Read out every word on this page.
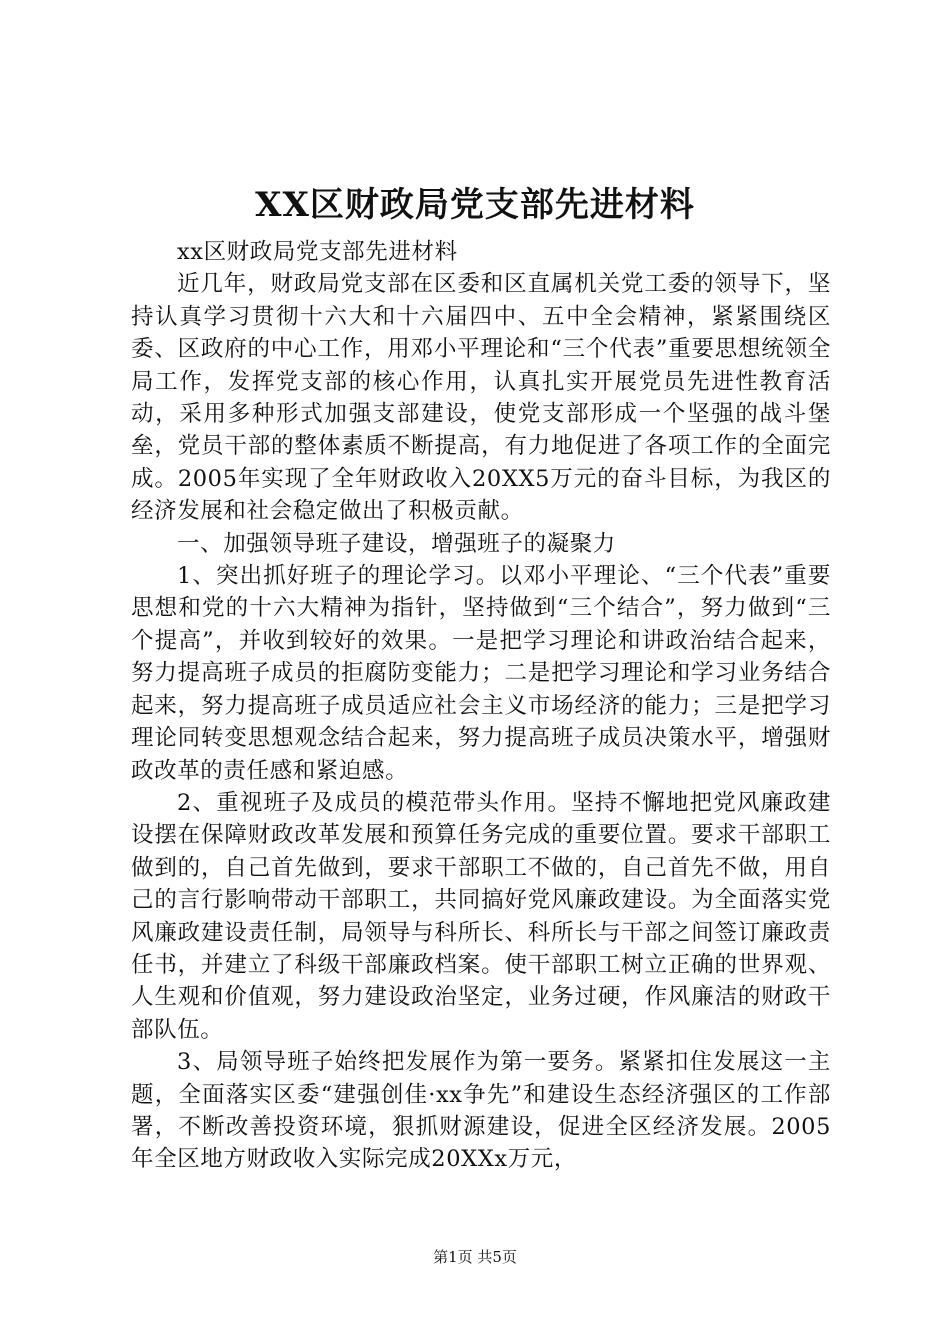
XX区财政局党支部先进材料

xx区财政局党支部先进材料

近几年，财政局党支部在区委和区直属机关党工委的领导下，坚持认真学习贯彻十六大和十六届四中、五中全会精神，紧紧围绕区委、区政府的中心工作，用邓小平理论和“三个代表”重要思想统领全局工作，发挥党支部的核心作用，认真扎实开展党员先进性教育活动，采用多种形式加强支部建设，使党支部形成一个坚强的战斗堡垒，党员干部的整体素质不断提高，有力地促进了各项工作的全面完成。2005年实现了全年财政收入20XX5万元的奋斗目标，为我区的经济发展和社会稳定做出了积极贡献。

一、加强领导班子建设，增强班子的凝聚力

1、突出抓好班子的理论学习。以邓小平理论、“三个代表”重要思想和党的十六大精神为指针，坚持做到“三个结合”，努力做到“三个提高”，并收到较好的效果。一是把学习理论和讲政治结合起来，努力提高班子成员的拒腐防变能力；二是把学习理论和学习业务结合起来，努力提高班子成员适应社会主义市场经济的能力；三是把学习理论同转变思想观念结合起来，努力提高班子成员决策水平，增强财政改革的责任感和紧迫感。

2、重视班子及成员的模范带头作用。坚持不懈地把党风廉政建设摆在保障财政改革发展和预算任务完成的重要位置。要求干部职工做到的，自己首先做到，要求干部职工不做的，自己首先不做，用自己的言行影响带动干部职工，共同搞好党风廉政建设。为全面落实党风廉政建设责任制，局领导与科所长、科所长与干部之间签订廉政责任书，并建立了科级干部廉政档案。使干部职工树立正确的世界观、人生观和价值观，努力建设政治坚定，业务过硬，作风廉洁的财政干部队伍。

3、局领导班子始终把发展作为第一要务。紧紧扣住发展这一主题，全面落实区委“建强创佳·xx争先”和建设生态经济强区的工作部署，不断改善投资环境，狠抓财源建设，促进全区经济发展。2005年全区地方财政收入实际完成20XXx万元，

第1页 共5页
